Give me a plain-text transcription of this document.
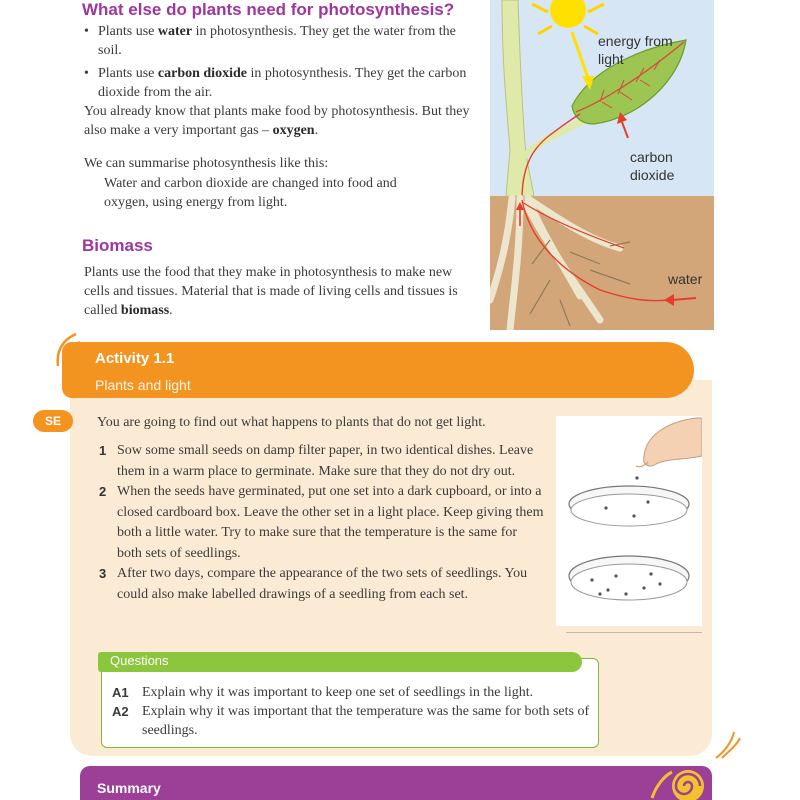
What else do plants need for photosynthesis?
• Plants use water in photosynthesis. They get the water from the soil.
• Plants use carbon dioxide in photosynthesis. They get the carbon dioxide from the air.

You already know that plants make food by photosynthesis. But they also make a very important gas – oxygen.

We can summarise photosynthesis like this:

Water and carbon dioxide are changed into food and oxygen, using energy from light.

Biomass

Plants use the food that they make in photosynthesis to make new cells and tissues. Material that is made of living cells and tissues is called biomass.

energy from light
carbon dioxide
water
Activity 1.1
Plants and light
SE	You are going to find out what happens to plants that do not get light.

1 Sow some small seeds on damp filter paper, in two identical dishes. Leave them in a warm place to germinate. Make sure that they do not dry out.
2 When the seeds have germinated, put one set into a dark cupboard, or into a closed cardboard box. Leave the other set in a light place. Keep giving them both a little water. Try to make sure that the temperature is the same for both sets of seedlings.
3 After two days, compare the appearance of the two sets of seedlings. You could also make labelled drawings of a seedling from each set.
Questions
A1 Explain why it was important to keep one set of seedlings in the light.
A2 Explain why it was important that the temperature was the same for both sets of seedlings.
Summary
